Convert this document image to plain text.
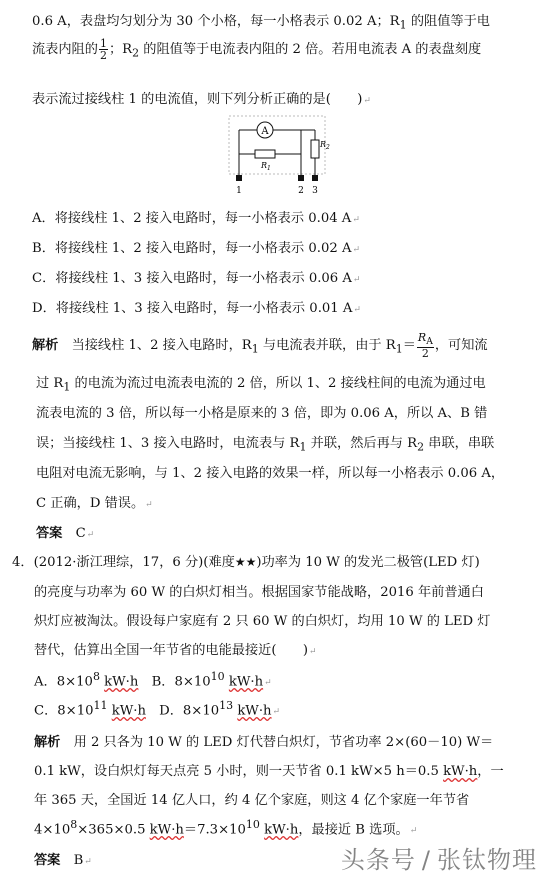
0.6 A，表盘均匀划分为 30 个小格，每一小格表示 0.02 A；$R_1$ 的阻值等于电
流表内阻的 $\frac{1}{2}$ ；$R_2$ 的阻值等于电流表内阻的 2 倍。若用电流表 A 的表盘刻度
表示流过接线柱 1 的电流值，则下列分析正确的是(　　)↵
A
$R_1$
$R_2$
1	2 3
A．将接线柱 1、2 接入电路时，每一小格表示 0.04 A↵
B．将接线柱 1、2 接入电路时，每一小格表示 0.02 A↵
C．将接线柱 1、3 接入电路时，每一小格表示 0.06 A↵
D．将接线柱 1、3 接入电路时，每一小格表示 0.01 A↵
解析　 当接线柱 1、2 接入电路时，$R_1$ 与电流表并联，由于 $R_1= \frac{R_A}{2}$ ，可知流
过 $R_1$ 的电流为流过电流表电流的 2 倍，所以 1、2 接线柱间的电流为通过电
流表电流的 3 倍，所以每一小格是原来的 3 倍，即为 0.06 A，所以 A、B 错
误；当接线柱 1、3 接入电路时，电流表与 $R_1$ 并联，然后再与 $R_2$ 串联，串联
电阻对电流无影响，与 1、2 接入电路的效果一样，所以每一小格表示 0.06 A，
C 正确，D 错误。↵
答案　 C↵
4．(2012·浙江理综，17，6 分)(难度★★)功率为 10 W 的发光二极管(LED 灯)
的亮度与功率为 60 W 的白炽灯相当。根据国家节能战略，2016 年前普通白
炽灯应被淘汰。假设每户家庭有 2 只 60 W 的白炽灯，均用 10 W 的 LED 灯
替代，估算出全国一年节省的电能最接近(　　)↵
A．$8\times 10^8$ kW·h　 B．$8\times 10^{10}$ kW·h↵
C．$8\times 10^{11}$ kW·h　 D．$8\times 10^{13}$ kW·h↵
解析　 用 2 只各为 10 W 的 LED 灯代替白炽灯，节省功率 2×(60－10) W＝
0.1 kW，设白炽灯每天点亮 5 小时，则一天节省 0.1 kW×5 h＝0.5 kW·h，一
年 365 天，全国近 14 亿人口，约 4 亿个家庭，则这 4 亿个家庭一年节省
$4\times 10^8\times 365\times 0.5$ $kW\cdot h=7.3\times 10^{10}$ kW·h，最接近 B 选项。↵
答案　 B↵	头条号 / 张钛物理
